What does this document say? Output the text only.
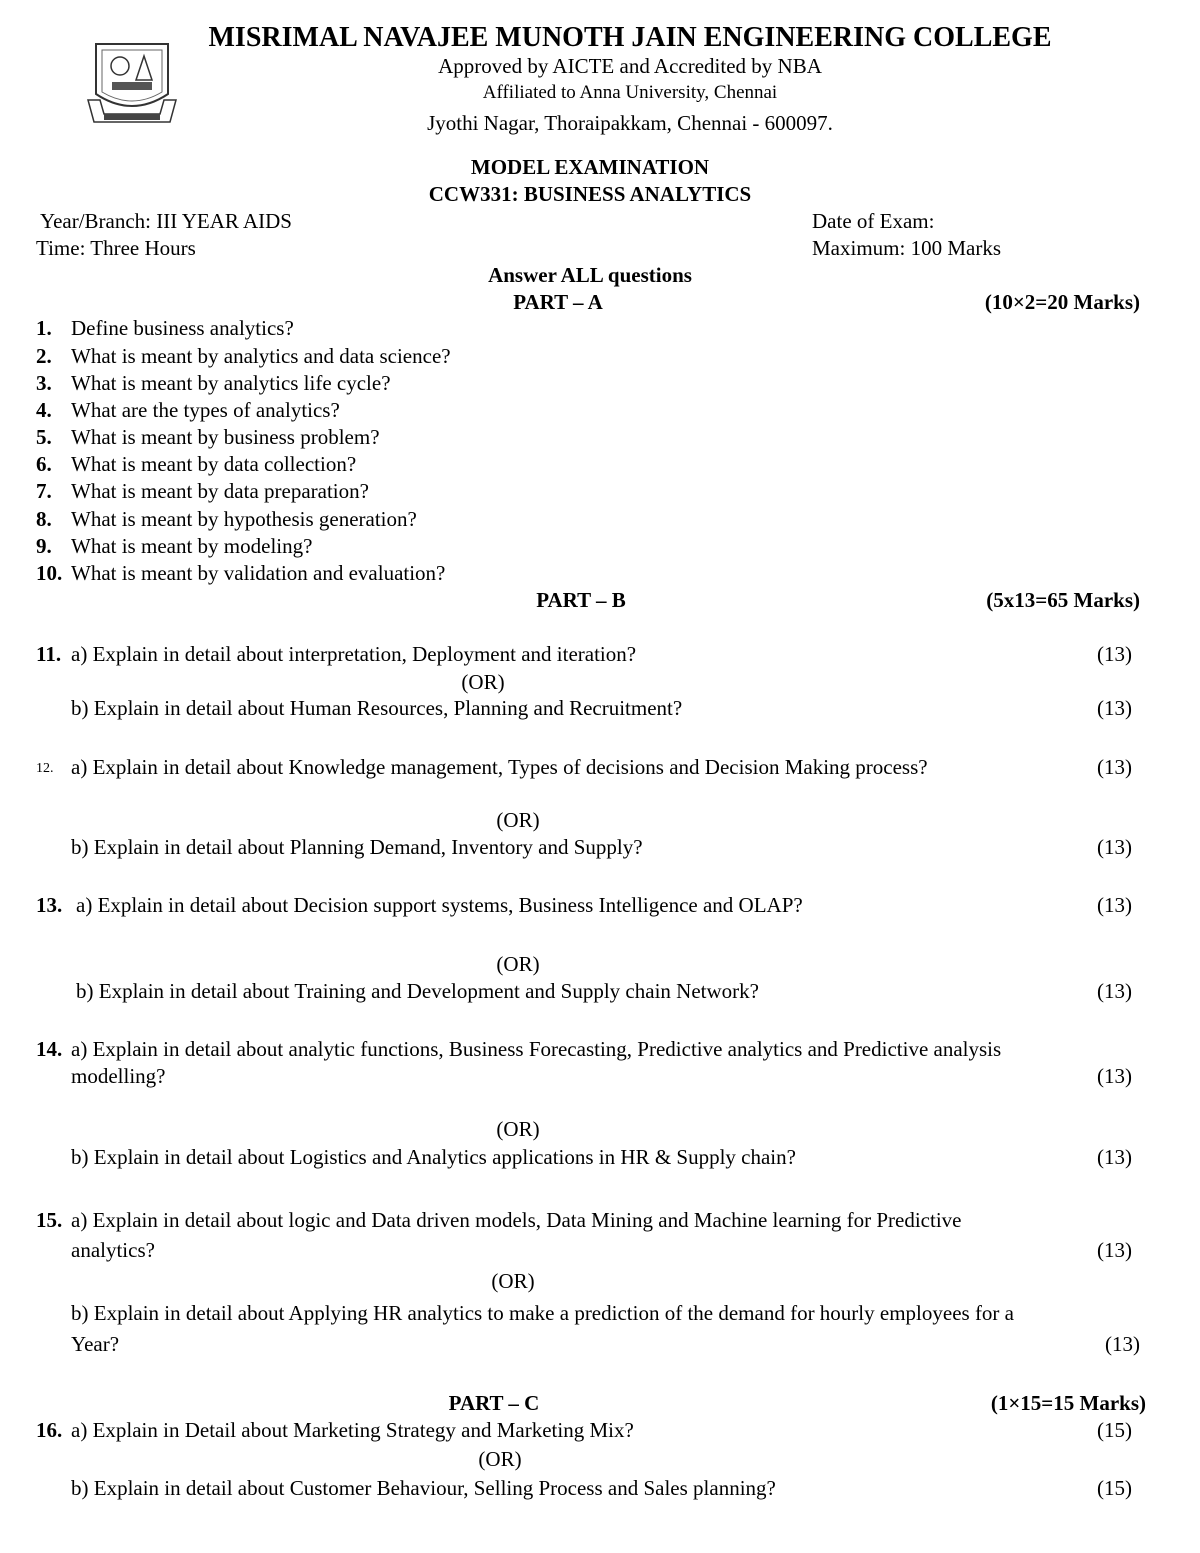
MISRIMAL NAVAJEE MUNOTH JAIN ENGINEERING COLLEGE
Approved by AICTE and Accredited by NBA
Affiliated to Anna University, Chennai
Jyothi Nagar, Thoraipakkam, Chennai - 600097.
MODEL EXAMINATION
CCW331: BUSINESS ANALYTICS
Year/Branch: III YEAR AIDS
Time: Three Hours
Date of Exam:
Maximum: 100 Marks
Answer ALL questions
PART – A	(10×2=20 Marks)
1. Define business analytics?
2. What is meant by analytics and data science?
3. What is meant by analytics life cycle?
4. What are the types of analytics?
5. What is meant by business problem?
6. What is meant by data collection?
7. What is meant by data preparation?
8. What is meant by hypothesis generation?
9. What is meant by modeling?
10. What is meant by validation and evaluation?
PART – B	(5x13=65 Marks)
11. a) Explain in detail about interpretation, Deployment and iteration?	(13)
(OR)
b) Explain in detail about Human Resources, Planning and Recruitment?	(13)
12. a) Explain in detail about Knowledge management, Types of decisions and Decision Making process?	(13)
(OR)
b) Explain in detail about Planning Demand, Inventory and Supply?	(13)
13. a) Explain in detail about Decision support systems, Business Intelligence and OLAP?	(13)
(OR)
b) Explain in detail about Training and Development and Supply chain Network?	(13)
14. a) Explain in detail about analytic functions, Business Forecasting, Predictive analytics and Predictive analysis
modelling?	(13)
(OR)
b) Explain in detail about Logistics and Analytics applications in HR & Supply chain?	(13)
15. a) Explain in detail about logic and Data driven models, Data Mining and Machine learning for Predictive
analytics?	(13)
(OR)
b) Explain in detail about Applying HR analytics to make a prediction of the demand for hourly employees for a
Year?	(13)
PART – C	(1×15=15 Marks)
16. a) Explain in Detail about Marketing Strategy and Marketing Mix?	(15)
(OR)
b) Explain in detail about Customer Behaviour, Selling Process and Sales planning?	(15)
